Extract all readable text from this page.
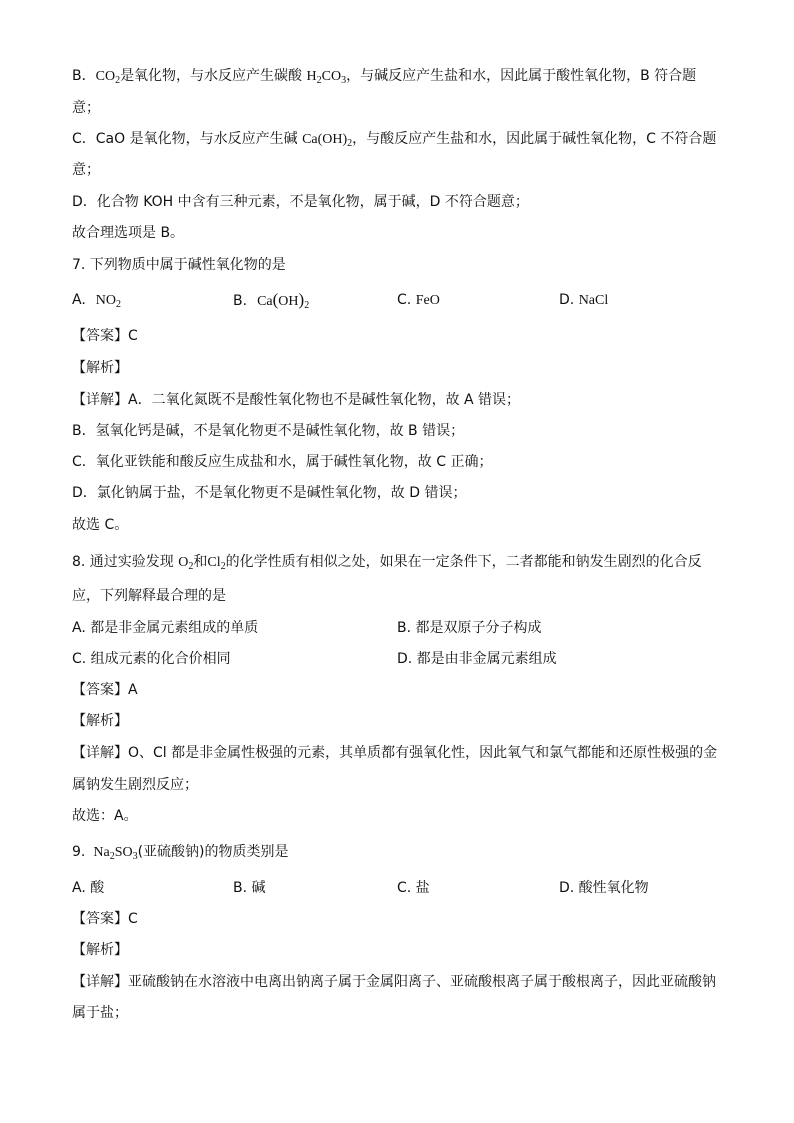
B．$CO_2$是氧化物，与水反应产生碳酸 $H_2CO_3$，与碱反应产生盐和水，因此属于酸性氧化物，B 符合题
意；
C．CaO 是氧化物，与水反应产生碱 $Ca(OH)_2$，与酸反应产生盐和水，因此属于碱性氧化物，C 不符合题
意；
D．化合物 KOH 中含有三种元素，不是氧化物，属于碱，D 不符合题意；
故合理选项是 B。
7. 下列物质中属于碱性氧化物的是
A. $NO_2$	B. $Ca(OH)_2$	C. FeO	D. NaCl
【答案】C
【解析】
【详解】A．二氧化氮既不是酸性氧化物也不是碱性氧化物，故 A 错误；
B．氢氧化钙是碱，不是氧化物更不是碱性氧化物，故 B 错误；
C．氧化亚铁能和酸反应生成盐和水，属于碱性氧化物，故 C 正确；
D．氯化钠属于盐，不是氧化物更不是碱性氧化物，故 D 错误；
故选 C。
8. 通过实验发现 $O_2$和$Cl_2$的化学性质有相似之处，如果在一定条件下，二者都能和钠发生剧烈的化合反
应，下列解释最合理的是
A. 都是非金属元素组成的单质	B. 都是双原子分子构成
C. 组成元素的化合价相同	D. 都是由非金属元素组成
【答案】A
【解析】
【详解】O、Cl 都是非金属性极强的元素，其单质都有强氧化性，因此氧气和氯气都能和还原性极强的金
属钠发生剧烈反应；
故选：A。
9. $Na_2SO_3$(亚硫酸钠)的物质类别是
A. 酸	B. 碱	C. 盐	D. 酸性氧化物
【答案】C
【解析】
【详解】亚硫酸钠在水溶液中电离出钠离子属于金属阳离子、亚硫酸根离子属于酸根离子，因此亚硫酸钠
属于盐；
